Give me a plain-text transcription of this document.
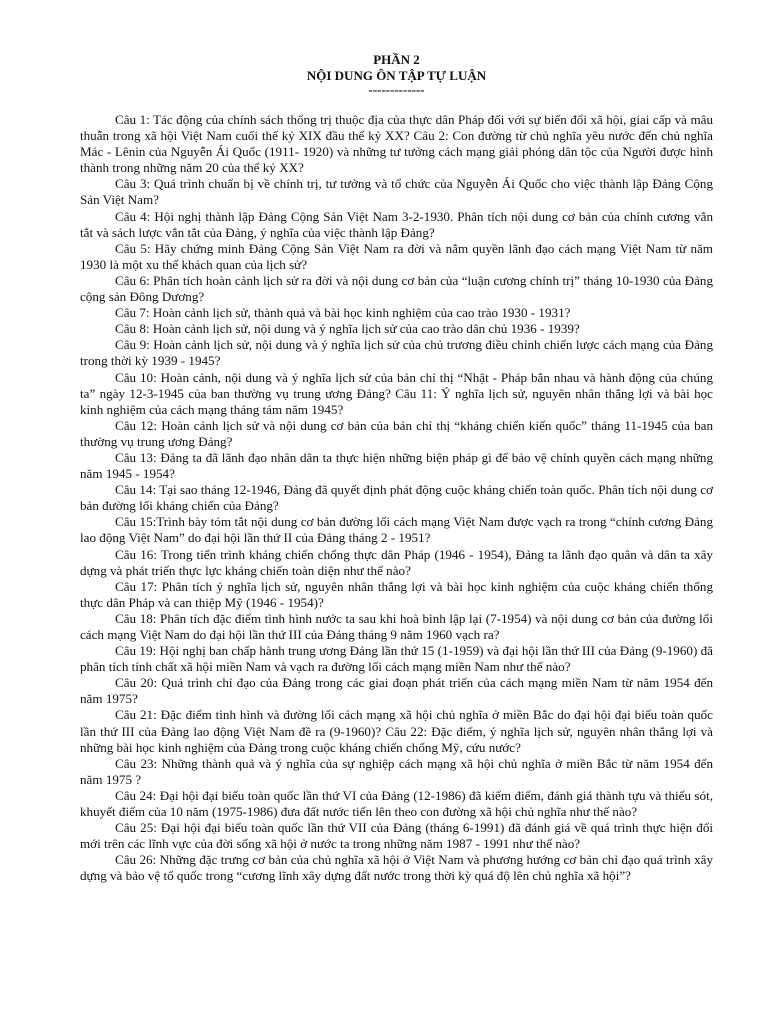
PHẦN 2

NỘI DUNG ÔN TẬP TỰ LUẬN

-------------

Câu 1: Tác động của chính sách thống trị thuộc địa của thực dân Pháp đối với sự biến đổi xã hội, giai cấp và mâu thuẫn trong xã hội Việt Nam cuối thế kỷ XIX đầu thế kỷ XX? Câu 2: Con đường từ chủ nghĩa yêu nước đến chủ nghĩa Mác - Lênin của Nguyễn Ái Quốc (1911- 1920) và những tư tưởng cách mạng giải phóng dân tộc của Người được hình thành trong những năm 20 của thế kỷ XX?

Câu 3: Quá trình chuẩn bị về chính trị, tư tưởng và tổ chức của Nguyễn Ái Quốc cho việc thành lập Đảng Cộng Sản Việt Nam?

Câu 4: Hội nghị thành lập Đảng Cộng Sản Việt Nam 3-2-1930. Phân tích nội dung cơ bản của chính cương vắn tắt và sách lược vắn tắt của Đảng, ý nghĩa của việc thành lập Đảng?

Câu 5: Hãy chứng minh Đảng Cộng Sản Việt Nam ra đời và nắm quyền lãnh đạo cách mạng Việt Nam từ năm 1930 là một xu thế khách quan của lịch sử?

Câu 6: Phân tích hoàn cảnh lịch sử ra đời và nội dung cơ bản của “luận cương chính trị” tháng 10-1930 của Đảng cộng sản Đông Dương?

Câu 7: Hoàn cảnh lịch sử, thành quả và bài học kinh nghiệm của cao trào 1930 - 1931?

Câu 8: Hoàn cảnh lịch sử, nội dung và ý nghĩa lịch sử của cao trào dân chủ 1936 - 1939?

Câu 9: Hoàn cảnh lịch sử, nội dung và ý nghĩa lịch sử của chủ trương điều chỉnh chiến lược cách mạng của Đảng trong thời kỳ 1939 - 1945?

Câu 10: Hoàn cảnh, nội dung và ý nghĩa lịch sử của bản chỉ thị “Nhật - Pháp bắn nhau và hành động của chúng ta” ngày 12-3-1945 của ban thường vụ trung ương Đảng? Câu 11: Ý nghĩa lịch sử, nguyên nhân thắng lợi và bài học kinh nghiệm của cách mạng tháng tám năm 1945?

Câu 12: Hoàn cảnh lịch sử và nội dung cơ bản của bản chỉ thị “kháng chiến kiến quốc” tháng 11-1945 của ban thường vụ trung ương Đảng?

Câu 13: Đảng ta đã lãnh đạo nhân dân ta thực hiện những biện pháp gì để bảo vệ chính quyền cách mạng những năm 1945 - 1954?

Câu 14: Tại sao tháng 12-1946, Đảng đã quyết định phát động cuộc kháng chiến toàn quốc. Phân tích nội dung cơ bản đường lối kháng chiến của Đảng?

Câu 15:Trình bày tóm tắt nội dung cơ bản đường lối cách mạng Việt Nam được vạch ra trong “chính cương Đảng lao động Việt Nam” do đại hội lần thứ II của Đảng tháng 2 - 1951?

Câu 16: Trong tiến trình kháng chiến chống thực dân Pháp (1946 - 1954), Đảng ta lãnh đạo quân và dân ta xây dựng và phát triển thực lực kháng chiến toàn diện như thế nào?

Câu 17: Phân tích ý nghĩa lịch sử, nguyên nhân thắng lợi và bài học kinh nghiệm của cuộc kháng chiến thống thực dân Pháp và can thiệp Mỹ (1946 - 1954)?

Câu 18: Phân tích đặc điểm tình hình nước ta sau khi hoà bình lập lại (7-1954) và nội dung cơ bản của đường lối cách mạng Việt Nam do đại hội lần thứ III của Đảng tháng 9 năm 1960 vạch ra?

Câu 19: Hội nghị ban chấp hành trung ương Đảng lần thứ 15 (1-1959) và đại hội lần thứ III của Đảng (9-1960) đã phân tích tính chất xã hội miền Nam và vạch ra đường lối cách mạng miền Nam như thế nào?

Câu 20: Quá trình chỉ đạo của Đảng trong các giai đoạn phát triển của cách mạng miền Nam từ năm 1954 đến năm 1975?

Câu 21: Đặc điểm tình hình và đường lối cách mạng xã hội chủ nghĩa ở miền Bắc do đại hội đại biểu toàn quốc lần thứ III của Đảng lao động Việt Nam đề ra (9-1960)? Câu 22: Đặc điểm, ý nghĩa lịch sử, nguyên nhân thắng lợi và những bài học kinh nghiệm của Đảng trong cuộc kháng chiến chống Mỹ, cứu nước?

Câu 23: Những thành quả và ý nghĩa của sự nghiệp cách mạng xã hội chủ nghĩa ở miền Bắc từ năm 1954 đến năm 1975 ?

Câu 24: Đại hội đại biểu toàn quốc lần thứ VI của Đảng (12-1986) đã kiểm điểm, đánh giá thành tựu và thiếu sót, khuyết điểm của 10 năm (1975-1986) đưa đất nước tiến lên theo con đường xã hội chủ nghĩa như thế nào?

Câu 25: Đại hội đại biểu toàn quốc lần thứ VII của Đảng (tháng 6-1991) đã đánh giá về quá trình thực hiện đổi mới trên các lĩnh vực của đời sống xã hội ở nước ta trong những năm 1987 - 1991 như thế nào?

Câu 26: Những đặc trưng cơ bản của chủ nghĩa xã hội ở Việt Nam và phương hướng cơ bản chỉ đạo quá trình xây dựng và bảo vệ tổ quốc trong “cương lĩnh xây dựng đất nước trong thời kỳ quá độ lên chủ nghĩa xã hội”?
